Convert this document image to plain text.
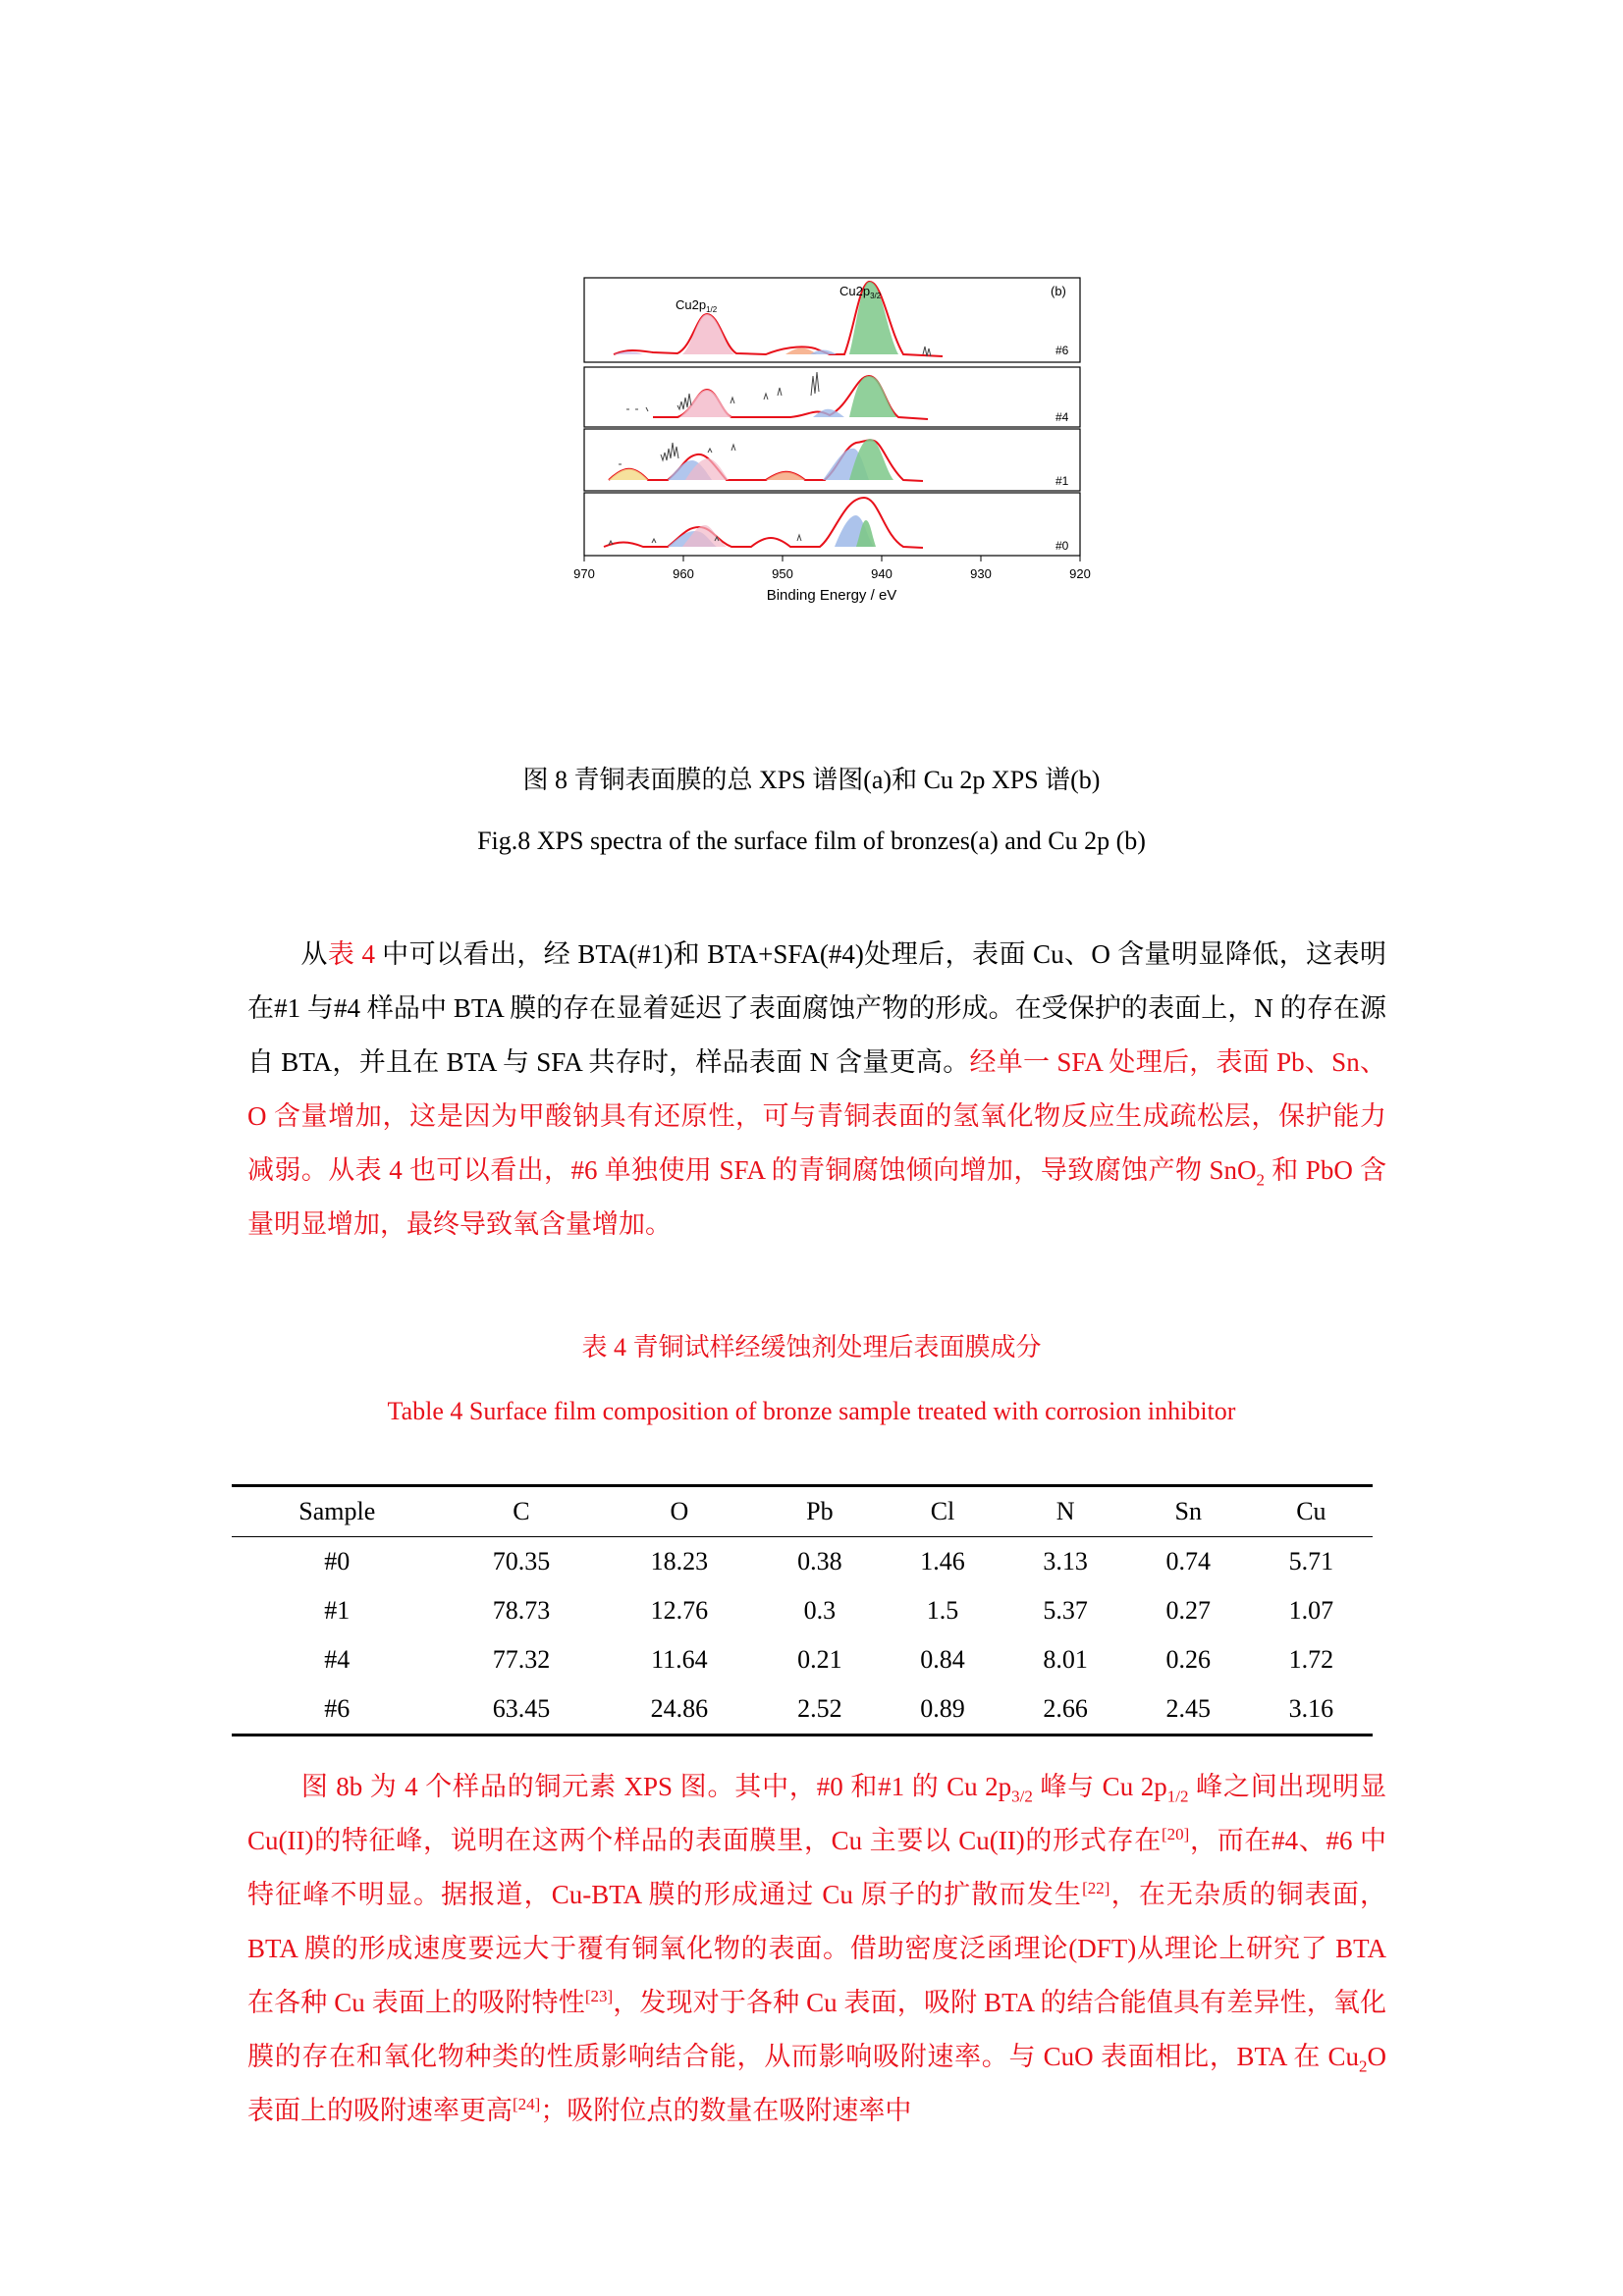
$Cu2p_{1/2}$
$Cu2p_{3/2}$	(b)
#6
#4
#1
#0
970	960	950	940	930	920
Binding Energy / eV
图 8 青铜表面膜的总 XPS 谱图(a)和 Cu 2p XPS 谱(b)
Fig.8 XPS spectra of the surface film of bronzes(a) and Cu 2p (b)

从表 4 中可以看出，经 BTA(#1)和 BTA+SFA(#4)处理后，表面 Cu、O 含量明显降低，这表明在#1 与#4 样品中 BTA 膜的存在显着延迟了表面腐蚀产物的形成。在受保护的表面上，N 的存在源自 BTA，并且在 BTA 与 SFA 共存时，样品表面 N 含量更高。经单一 SFA 处理后，表面 Pb、Sn、O 含量增加，这是因为甲酸钠具有还原性，可与青铜表面的氢氧化物反应生成疏松层，保护能力减弱。从表 4 也可以看出，#6 单独使用 SFA 的青铜腐蚀倾向增加，导致腐蚀产物 SnO$_2$ 和 PbO 含量明显增加，最终导致氧含量增加。

表 4 青铜试样经缓蚀剂处理后表面膜成分
Table 4 Surface film composition of bronze sample treated with corrosion inhibitor
Sample	C	O	Pb	Cl	N	Sn	Cu
#0	70.35	18.23	0.38	1.46	3.13	0.74	5.71
#1	78.73	12.76	0.3	1.5	5.37	0.27	1.07
#4	77.32	11.64	0.21	0.84	8.01	0.26	1.72
#6	63.45	24.86	2.52	0.89	2.66	2.45	3.16

图 8b 为 4 个样品的铜元素 XPS 图。其中，#0 和#1 的 Cu $2p_{3/2}$ 峰与 Cu $2p_{1/2}$ 峰之间出现明显 Cu(II)的特征峰，说明在这两个样品的表面膜里，Cu 主要以 Cu(II)的形式存在[20]，而在#4、#6 中特征峰不明显。据报道，Cu-BTA 膜的形成通过 Cu 原子的扩散而发生[22]，在无杂质的铜表面，BTA 膜的形成速度要远大于覆有铜氧化物的表面。借助密度泛函理论(DFT)从理论上研究了 BTA 在各种 Cu 表面上的吸附特性[23]，发现对于各种 Cu 表面，吸附 BTA 的结合能值具有差异性，氧化膜的存在和氧化物种类的性质影响结合能，从而影响吸附速率。与 CuO 表面相比，BTA 在 $Cu_2O$ 表面上的吸附速率更高[24]；吸附位点的数量在吸附速率中
